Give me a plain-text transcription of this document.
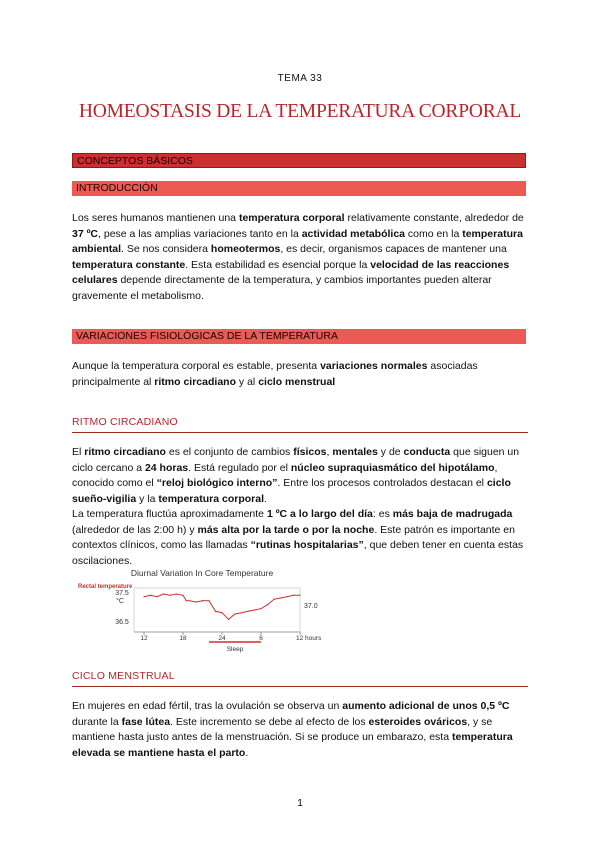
TEMA 33
HOMEOSTASIS DE LA TEMPERATURA CORPORAL
CONCEPTOS BÁSICOS
INTRODUCCIÓN
Los seres humanos mantienen una temperatura corporal relativamente constante, alrededor de 37 ºC, pese a las amplias variaciones tanto en la actividad metabólica como en la temperatura ambiental. Se nos considera homeotermos, es decir, organismos capaces de mantener una temperatura constante. Esta estabilidad es esencial porque la velocidad de las reacciones celulares depende directamente de la temperatura, y cambios importantes pueden alterar gravemente el metabolismo.
VARIACIONES FISIOLÓGICAS DE LA TEMPERATURA
Aunque la temperatura corporal es estable, presenta variaciones normales asociadas principalmente al ritmo circadiano y al ciclo menstrual
RITMO CIRCADIANO
El ritmo circadiano es el conjunto de cambios físicos, mentales y de conducta que siguen un ciclo cercano a 24 horas. Está regulado por el núcleo supraquiasmático del hipotálamo, conocido como el “reloj biológico interno”. Entre los procesos controlados destacan el ciclo sueño-vigilia y la temperatura corporal.
La temperatura fluctúa aproximadamente 1 ºC a lo largo del día: es más baja de madrugada (alrededor de las 2:00 h) y más alta por la tarde o por la noche. Este patrón es importante en contextos clínicos, como las llamadas “rutinas hospitalarias”, que deben tener en cuenta estas oscilaciones.
Diurnal Variation In Core Temperature
Rectal temperature
37.5
°C
36.5
37.0
12	18	24	6	12 hours
Sleep
CICLO MENSTRUAL
En mujeres en edad fértil, tras la ovulación se observa un aumento adicional de unos 0,5 ºC durante la fase lútea. Este incremento se debe al efecto de los esteroides ováricos, y se mantiene hasta justo antes de la menstruación. Si se produce un embarazo, esta temperatura elevada se mantiene hasta el parto.
1
